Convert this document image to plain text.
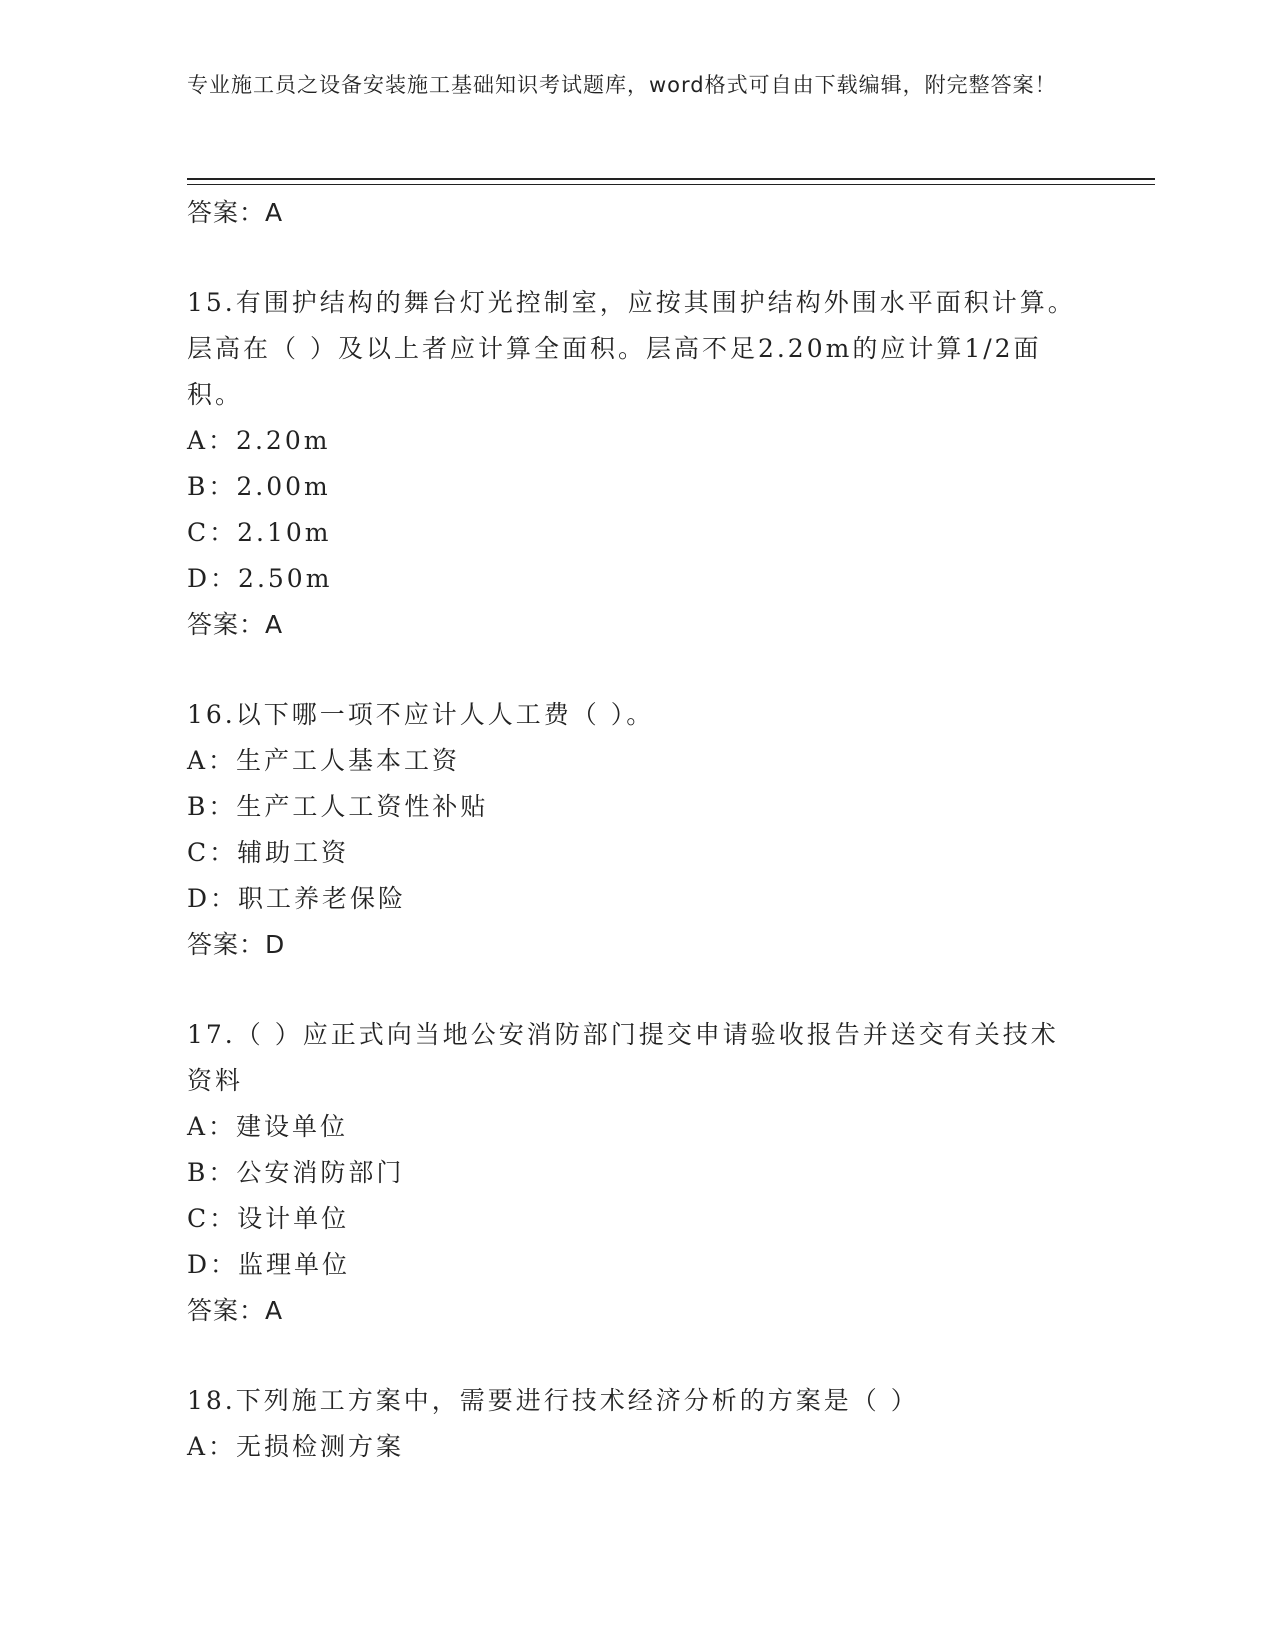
专业施工员之设备安装施工基础知识考试题库，word格式可自由下载编辑，附完整答案！
答案：A
15.有围护结构的舞台灯光控制室，应按其围护结构外围水平面积计算。层高在（ ）及以上者应计算全面积。层高不足2.20m的应计算1/2面积。
A：2.20m
B：2.00m
C：2.10m
D：2.50m
答案：A
16.以下哪一项不应计人人工费（ ）。
A：生产工人基本工资
B：生产工人工资性补贴
C：辅助工资
D：职工养老保险
答案：D
17.（ ）应正式向当地公安消防部门提交申请验收报告并送交有关技术资料
A：建设单位
B：公安消防部门
C：设计单位
D：监理单位
答案：A
18.下列施工方案中，需要进行技术经济分析的方案是（ ）
A：无损检测方案
